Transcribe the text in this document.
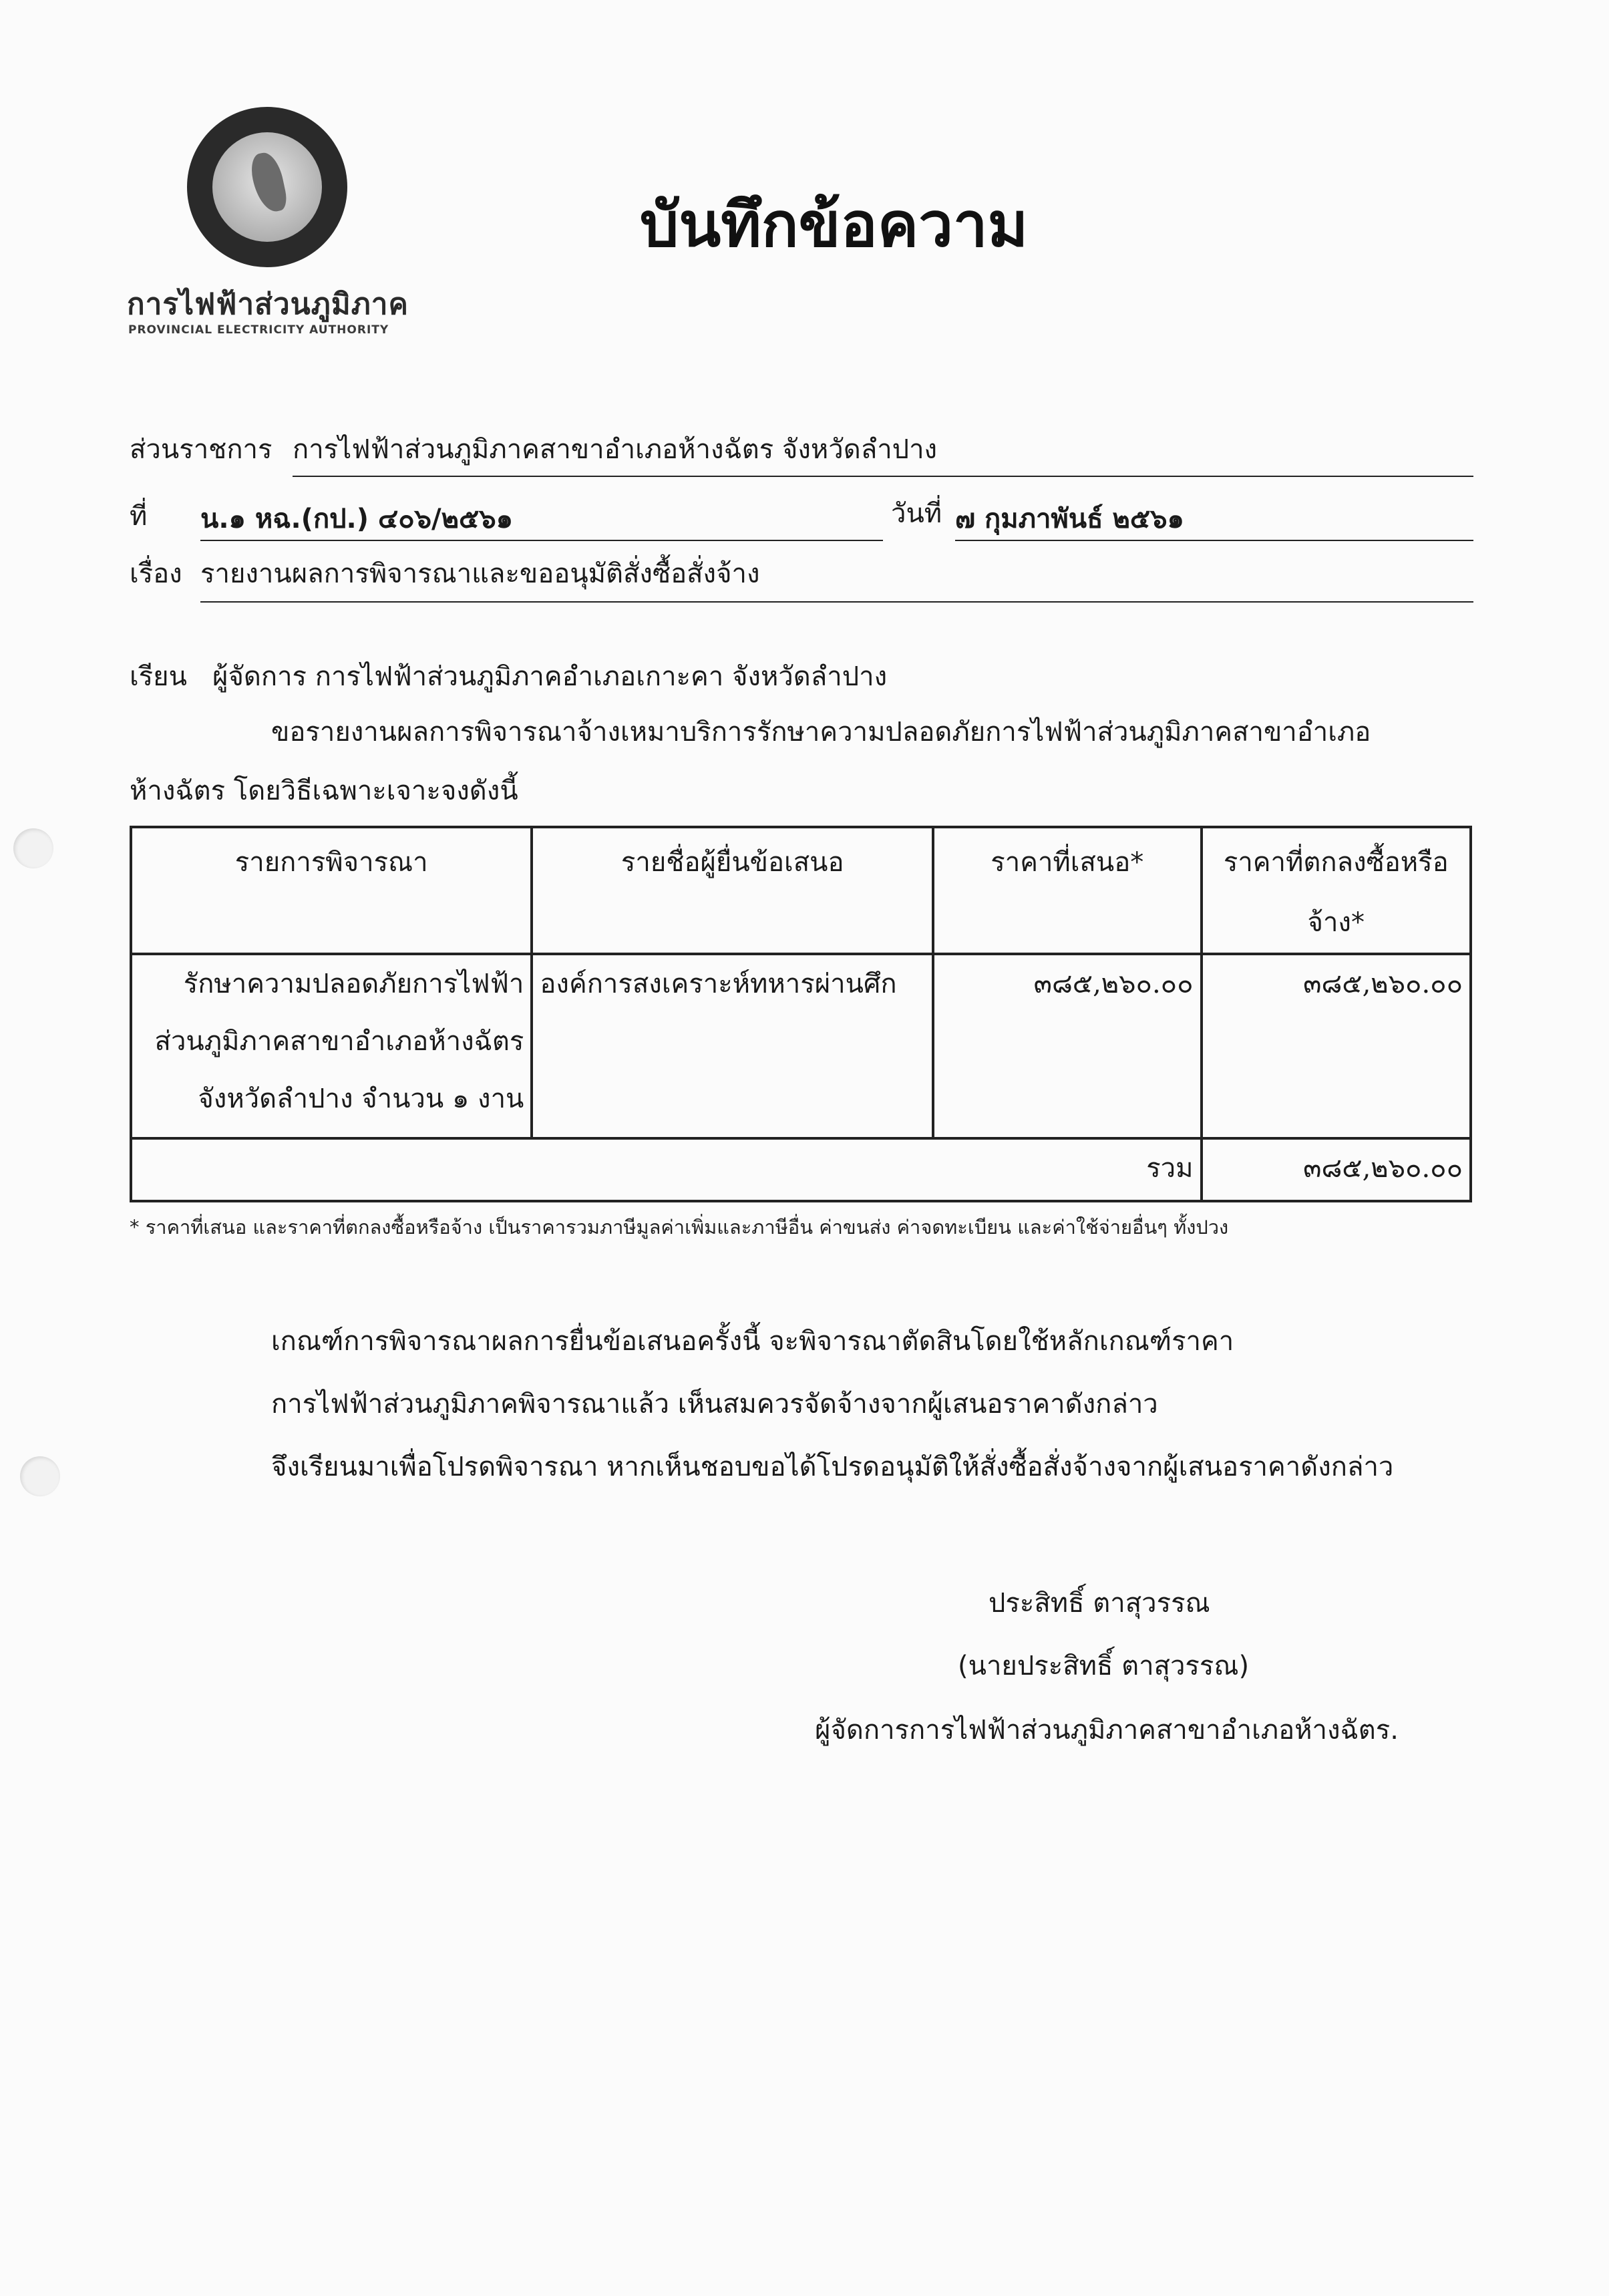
การไฟฟ้าส่วนภูมิภาค
PROVINCIAL ELECTRICITY AUTHORITY
บันทึกข้อความ
ส่วนราชการ การไฟฟ้าส่วนภูมิภาคสาขาอำเภอห้างฉัตร จังหวัดลำปาง
ที่ น.๑ หฉ.(กป.) ๔๐๖/๒๕๖๑	วันที่ ๗ กุมภาพันธ์ ๒๕๖๑
เรื่อง รายงานผลการพิจารณาและขออนุมัติสั่งซื้อสั่งจ้าง
เรียน ผู้จัดการ การไฟฟ้าส่วนภูมิภาคอำเภอเกาะคา จังหวัดลำปาง
ขอรายงานผลการพิจารณาจ้างเหมาบริการรักษาความปลอดภัยการไฟฟ้าส่วนภูมิภาคสาขาอำเภอ
ห้างฉัตร โดยวิธีเฉพาะเจาะจงดังนี้
รายการพิจารณา	รายชื่อผู้ยื่นข้อเสนอ	ราคาที่เสนอ*	ราคาที่ตกลงซื้อหรือ จ้าง*
รักษาความปลอดภัยการไฟฟ้าส่วนภูมิภาคสาขาอำเภอห้างฉัตร จังหวัดลำปาง จำนวน ๑ งาน	องค์การสงเคราะห์ทหารผ่านศึก	๓๘๕,๒๖๐.๐๐	๓๘๕,๒๖๐.๐๐
รวม			๓๘๕,๒๖๐.๐๐
* ราคาที่เสนอ และราคาที่ตกลงซื้อหรือจ้าง เป็นราคารวมภาษีมูลค่าเพิ่มและภาษีอื่น ค่าขนส่ง ค่าจดทะเบียน และค่าใช้จ่ายอื่นๆ ทั้งปวง
เกณฑ์การพิจารณาผลการยื่นข้อเสนอครั้งนี้ จะพิจารณาตัดสินโดยใช้หลักเกณฑ์ราคา
การไฟฟ้าส่วนภูมิภาคพิจารณาแล้ว เห็นสมควรจัดจ้างจากผู้เสนอราคาดังกล่าว
จึงเรียนมาเพื่อโปรดพิจารณา หากเห็นชอบขอได้โปรดอนุมัติให้สั่งซื้อสั่งจ้างจากผู้เสนอราคาดังกล่าว
ประสิทธิ์ ตาสุวรรณ
(นายประสิทธิ์ ตาสุวรรณ)
ผู้จัดการการไฟฟ้าส่วนภูมิภาคสาขาอำเภอห้างฉัตร.
